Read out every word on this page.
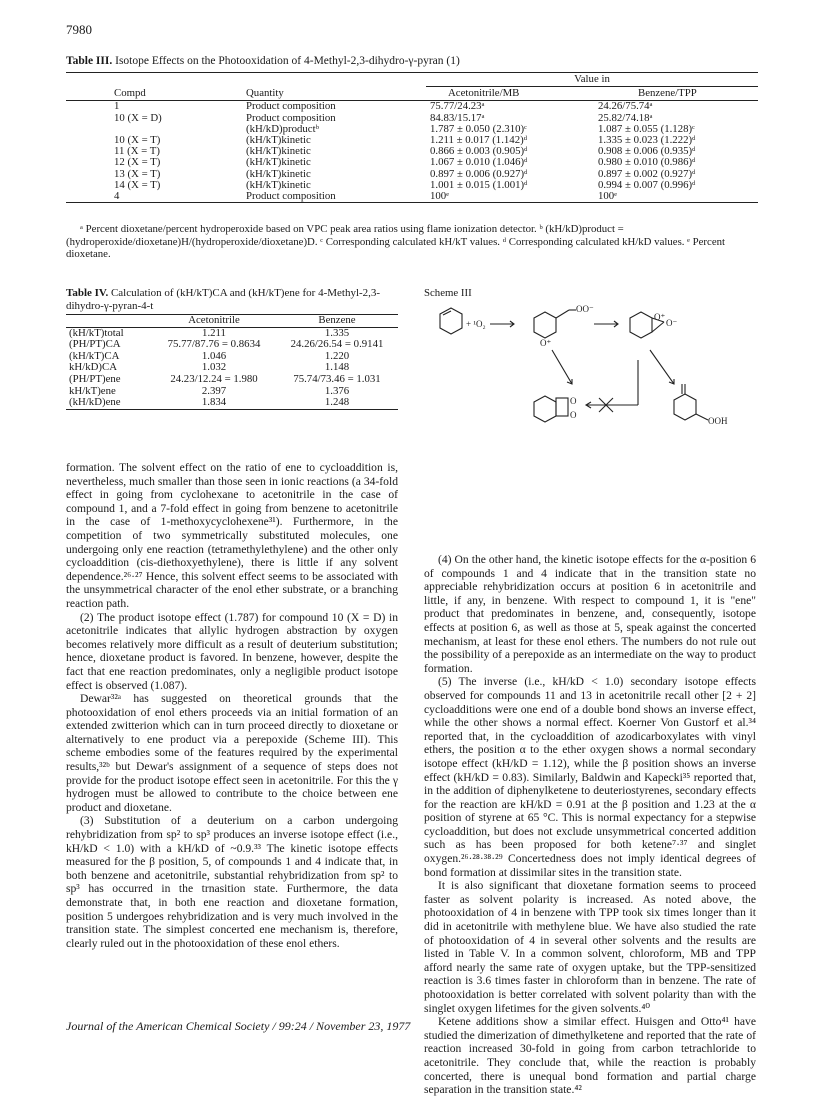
7980
Table III. Isotope Effects on the Photooxidation of 4-Methyl-2,3-dihydro-γ-pyran (1)
		Value in	
Compd	Quantity	Acetonitrile/MB	Benzene/TPP
1	Product composition	75.77/24.23ᵃ	24.26/75.74ᵃ
10 (X = D)	Product composition	84.83/15.17ᵃ	25.82/74.18ᵃ
	(kH/kD)productᵇ	1.787 ± 0.050 (2.310)ᶜ	1.087 ± 0.055 (1.128)ᶜ
10 (X = T)	(kH/kT)kinetic	1.211 ± 0.017 (1.142)ᵈ	1.335 ± 0.023 (1.222)ᵈ
11 (X = T)	(kH/kT)kinetic	0.866 ± 0.003 (0.905)ᵈ	0.908 ± 0.006 (0.935)ᵈ
12 (X = T)	(kH/kT)kinetic	1.067 ± 0.010 (1.046)ᵈ	0.980 ± 0.010 (0.986)ᵈ
13 (X = T)	(kH/kT)kinetic	0.897 ± 0.006 (0.927)ᵈ	0.897 ± 0.002 (0.927)ᵈ
14 (X = T)	(kH/kT)kinetic	1.001 ± 0.015 (1.001)ᵈ	0.994 ± 0.007 (0.996)ᵈ
4	Product composition	100ᵉ	100ᵉ
ᵃ Percent dioxetane/percent hydroperoxide based on VPC peak area ratios using flame ionization detector. ᵇ (kH/kD)product = (hydroperoxide/dioxetane)H/(hydroperoxide/dioxetane)D. ᶜ Corresponding calculated kH/kT values. ᵈ Corresponding calculated kH/kD values. ᵉ Percent dioxetane.
Table IV. Calculation of (kH/kT)CA and (kH/kT)ene for 4-Methyl-2,3-dihydro-γ-pyran-4-t
	Acetonitrile	Benzene
(kH/kT)total	1.211	1.335
(PH/PT)CA	75.77/87.76 = 0.8634	24.26/26.54 = 0.9141
(kH/kT)CA	1.046	1.220
kH/kD)CA	1.032	1.148
(PH/PT)ene	24.23/12.24 = 1.980	75.74/73.46 = 1.031
kH/kT)ene	2.397	1.376
(kH/kD)ene	1.834	1.248
Scheme III
+ ¹O₂
OO⁻
O⁺
O⁺
O⁻
O
O
OOH

formation. The solvent effect on the ratio of ene to cycloaddition is, nevertheless, much smaller than those seen in ionic reactions (a 34-fold effect in going from cyclohexane to acetonitrile in the case of compound 1, and a 7-fold effect in going from benzene to acetonitrile in the case of 1-methoxycyclohexene³¹). Furthermore, in the competition of two symmetrically substituted molecules, one undergoing only ene reaction (tetramethylethylene) and the other only cycloaddition (cis-diethoxyethylene), there is little if any solvent dependence.²⁶·²⁷ Hence, this solvent effect seems to be associated with the unsymmetrical character of the enol ether substrate, or a branching reaction path.

(2) The product isotope effect (1.787) for compound 10 (X = D) in acetonitrile indicates that allylic hydrogen abstraction by oxygen becomes relatively more difficult as a result of deuterium substitution; hence, dioxetane product is favored. In benzene, however, despite the fact that ene reaction predominates, only a negligible product isotope effect is observed (1.087).

Dewar³²ᵃ has suggested on theoretical grounds that the photooxidation of enol ethers proceeds via an initial formation of an extended zwitterion which can in turn proceed directly to dioxetane or alternatively to ene product via a perepoxide (Scheme III). This scheme embodies some of the features required by the experimental results,³²ᵇ but Dewar's assignment of a sequence of steps does not provide for the product isotope effect seen in acetonitrile. For this the γ hydrogen must be allowed to contribute to the choice between ene product and dioxetane.

(3) Substitution of a deuterium on a carbon undergoing rehybridization from sp² to sp³ produces an inverse isotope effect (i.e., kH/kD < 1.0) with a kH/kD of ~0.9.³³ The kinetic isotope effects measured for the β position, 5, of compounds 1 and 4 indicate that, in both benzene and acetonitrile, substantial rehybridization from sp² to sp³ has occurred in the trnasition state. Furthermore, the data demonstrate that, in both ene reaction and dioxetane formation, position 5 undergoes rehybridization and is very much involved in the transition state. The simplest concerted ene mechanism is, therefore, clearly ruled out in the photooxidation of these enol ethers.

(4) On the other hand, the kinetic isotope effects for the α-position 6 of compounds 1 and 4 indicate that in the transition state no appreciable rehybridization occurs at position 6 in acetonitrile and little, if any, in benzene. With respect to compound 1, it is "ene" product that predominates in benzene, and, consequently, isotope effects at position 6, as well as those at 5, speak against the concerted mechanism, at least for these enol ethers. The numbers do not rule out the possibility of a perepoxide as an intermediate on the way to product formation.

(5) The inverse (i.e., kH/kD < 1.0) secondary isotope effects observed for compounds 11 and 13 in acetonitrile recall other [2 + 2] cycloadditions were one end of a double bond shows an inverse effect, while the other shows a normal effect. Koerner Von Gustorf et al.³⁴ reported that, in the cycloaddition of azodicarboxylates with vinyl ethers, the position α to the ether oxygen shows a normal secondary isotope effect (kH/kD = 1.12), while the β position shows an inverse effect (kH/kD = 0.83). Similarly, Baldwin and Kapecki³⁵ reported that, in the addition of diphenylketene to deuteriostyrenes, secondary effects for the reaction are kH/kD = 0.91 at the β position and 1.23 at the α position of styrene at 65 °C. This is normal expectancy for a stepwise cycloaddition, but does not exclude unsymmetrical concerted addition such as has been proposed for both ketene⁷·³⁷ and singlet oxygen.²⁶·²⁸·³⁸·²⁹ Concertedness does not imply identical degrees of bond formation at dissimilar sites in the transition state.

It is also significant that dioxetane formation seems to proceed faster as solvent polarity is increased. As noted above, the photooxidation of 4 in benzene with TPP took six times longer than it did in acetonitrile with methylene blue. We have also studied the rate of photooxidation of 4 in several other solvents and the results are listed in Table V. In a common solvent, chloroform, MB and TPP afford nearly the same rate of oxygen uptake, but the TPP-sensitized reaction is 3.6 times faster in chloroform than in benzene. The rate of photooxidation is better correlated with solvent polarity than with the singlet oxygen lifetimes for the given solvents.⁴⁰

Ketene additions show a similar effect. Huisgen and Otto⁴¹ have studied the dimerization of dimethylketene and reported that the rate of reaction increased 30-fold in going from carbon tetrachloride to acetonitrile. They conclude that, while the reaction is probably concerted, there is unequal bond formation and partial charge separation in the transition state.⁴²

Journal of the American Chemical Society / 99:24 / November 23, 1977
